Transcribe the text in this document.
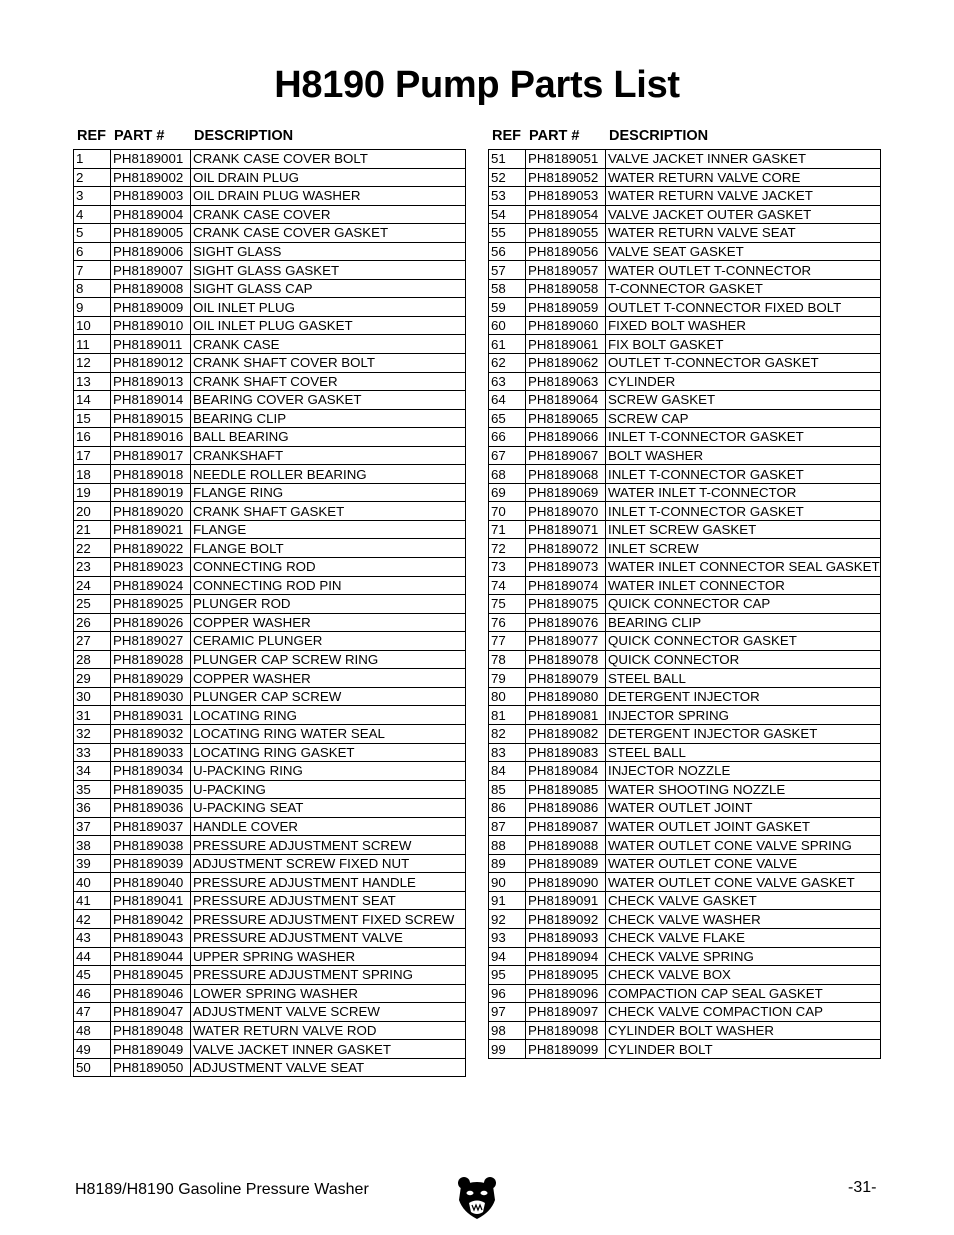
H8190 Pump Parts List
REF PART # DESCRIPTION
1	PH8189001	CRANK CASE COVER BOLT
2	PH8189002	OIL DRAIN PLUG
3	PH8189003	OIL DRAIN PLUG WASHER
4	PH8189004	CRANK CASE COVER
5	PH8189005	CRANK CASE COVER GASKET
6	PH8189006	SIGHT GLASS
7	PH8189007	SIGHT GLASS GASKET
8	PH8189008	SIGHT GLASS CAP
9	PH8189009	OIL INLET PLUG
10	PH8189010	OIL INLET PLUG GASKET
11	PH8189011	CRANK CASE
12	PH8189012	CRANK SHAFT COVER BOLT
13	PH8189013	CRANK SHAFT COVER
14	PH8189014	BEARING COVER GASKET
15	PH8189015	BEARING CLIP
16	PH8189016	BALL BEARING
17	PH8189017	CRANKSHAFT
18	PH8189018	NEEDLE ROLLER BEARING
19	PH8189019	FLANGE RING
20	PH8189020	CRANK SHAFT GASKET
21	PH8189021	FLANGE
22	PH8189022	FLANGE BOLT
23	PH8189023	CONNECTING ROD
24	PH8189024	CONNECTING ROD PIN
25	PH8189025	PLUNGER ROD
26	PH8189026	COPPER WASHER
27	PH8189027	CERAMIC PLUNGER
28	PH8189028	PLUNGER CAP SCREW RING
29	PH8189029	COPPER WASHER
30	PH8189030	PLUNGER CAP SCREW
31	PH8189031	LOCATING RING
32	PH8189032	LOCATING RING WATER SEAL
33	PH8189033	LOCATING RING GASKET
34	PH8189034	U-PACKING RING
35	PH8189035	U-PACKING
36	PH8189036	U-PACKING SEAT
37	PH8189037	HANDLE COVER
38	PH8189038	PRESSURE ADJUSTMENT SCREW
39	PH8189039	ADJUSTMENT SCREW FIXED NUT
40	PH8189040	PRESSURE ADJUSTMENT HANDLE
41	PH8189041	PRESSURE ADJUSTMENT SEAT
42	PH8189042	PRESSURE ADJUSTMENT FIXED SCREW
43	PH8189043	PRESSURE ADJUSTMENT VALVE
44	PH8189044	UPPER SPRING WASHER
45	PH8189045	PRESSURE ADJUSTMENT SPRING
46	PH8189046	LOWER SPRING WASHER
47	PH8189047	ADJUSTMENT VALVE SCREW
48	PH8189048	WATER RETURN VALVE ROD
49	PH8189049	VALVE JACKET INNER GASKET
50	PH8189050	ADJUSTMENT VALVE SEAT
REF PART # DESCRIPTION
51	PH8189051	VALVE JACKET INNER GASKET
52	PH8189052	WATER RETURN VALVE CORE
53	PH8189053	WATER RETURN VALVE JACKET
54	PH8189054	VALVE JACKET OUTER GASKET
55	PH8189055	WATER RETURN VALVE SEAT
56	PH8189056	VALVE SEAT GASKET
57	PH8189057	WATER OUTLET T-CONNECTOR
58	PH8189058	T-CONNECTOR GASKET
59	PH8189059	OUTLET T-CONNECTOR FIXED BOLT
60	PH8189060	FIXED BOLT WASHER
61	PH8189061	FIX BOLT GASKET
62	PH8189062	OUTLET T-CONNECTOR GASKET
63	PH8189063	CYLINDER
64	PH8189064	SCREW GASKET
65	PH8189065	SCREW CAP
66	PH8189066	INLET T-CONNECTOR GASKET
67	PH8189067	BOLT WASHER
68	PH8189068	INLET T-CONNECTOR GASKET
69	PH8189069	WATER INLET T-CONNECTOR
70	PH8189070	INLET T-CONNECTOR GASKET
71	PH8189071	INLET SCREW GASKET
72	PH8189072	INLET SCREW
73	PH8189073	WATER INLET CONNECTOR SEAL GASKET
74	PH8189074	WATER INLET CONNECTOR
75	PH8189075	QUICK CONNECTOR CAP
76	PH8189076	BEARING CLIP
77	PH8189077	QUICK CONNECTOR GASKET
78	PH8189078	QUICK CONNECTOR
79	PH8189079	STEEL BALL
80	PH8189080	DETERGENT INJECTOR
81	PH8189081	INJECTOR SPRING
82	PH8189082	DETERGENT INJECTOR GASKET
83	PH8189083	STEEL BALL
84	PH8189084	INJECTOR NOZZLE
85	PH8189085	WATER SHOOTING NOZZLE
86	PH8189086	WATER OUTLET JOINT
87	PH8189087	WATER OUTLET JOINT GASKET
88	PH8189088	WATER OUTLET CONE VALVE SPRING
89	PH8189089	WATER OUTLET CONE VALVE
90	PH8189090	WATER OUTLET CONE VALVE GASKET
91	PH8189091	CHECK VALVE GASKET
92	PH8189092	CHECK VALVE WASHER
93	PH8189093	CHECK VALVE FLAKE
94	PH8189094	CHECK VALVE SPRING
95	PH8189095	CHECK VALVE BOX
96	PH8189096	COMPACTION CAP SEAL GASKET
97	PH8189097	CHECK VALVE COMPACTION CAP
98	PH8189098	CYLINDER BOLT WASHER
99	PH8189099	CYLINDER BOLT
H8189/H8190 Gasoline Pressure Washer	-31-
